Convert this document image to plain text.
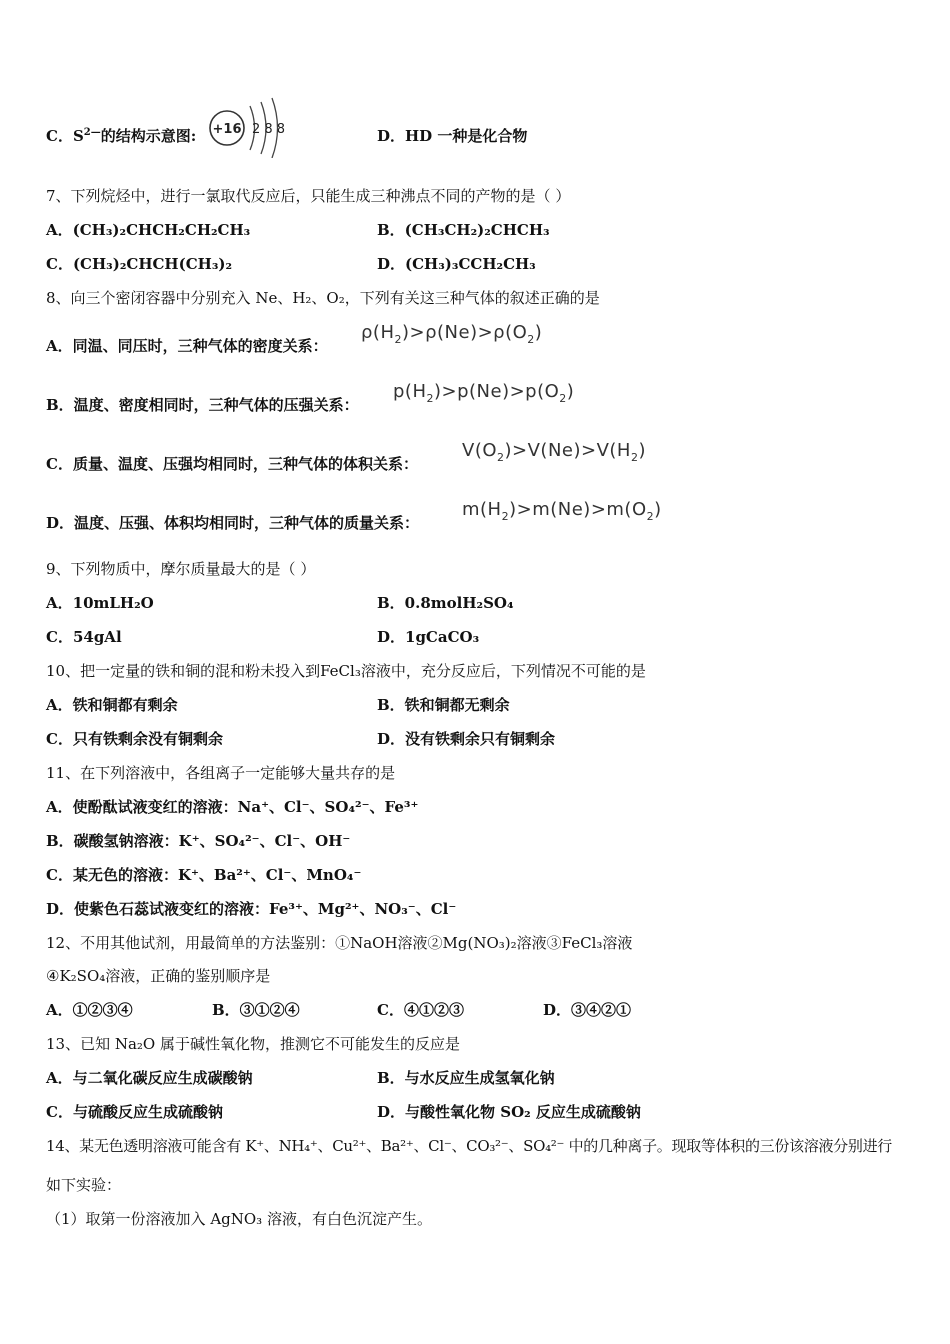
C．$S^{2—}$的结构示意图: +16 2 8 8	D．HD 一种是化合物
7、下列烷烃中，进行一氯取代反应后，只能生成三种沸点不同的产物的是（ ）
A．(CH₃)₂CHCH₂CH₂CH₃	B．(CH₃CH₂)₂CHCH₃
C．(CH₃)₂CHCH(CH₃)₂	D．(CH₃)₃CCH₂CH₃
8、向三个密闭容器中分别充入 Ne、H₂、O₂，下列有关这三种气体的叙述正确的是
A．同温、同压时，三种气体的密度关系：
$\rho(H_2)>\rho(Ne)>\rho(O_2)$
B．温度、密度相同时，三种气体的压强关系：
$p(H_2)>p(Ne)>p(O_2)$
C．质量、温度、压强均相同时，三种气体的体积关系：
$V(O_2)>V(Ne)>V(H_2)$
D．温度、压强、体积均相同时，三种气体的质量关系：
$m(H_2)>m(Ne)>m(O_2)$
9、下列物质中，摩尔质量最大的是（ ）
A．10mLH₂O	B．0.8molH₂SO₄
C．54gAl	D．1gCaCO₃
10、把一定量的铁和铜的混和粉未投入到FeCl₃溶液中，充分反应后，下列情况不可能的是
A．铁和铜都有剩余	B．铁和铜都无剩余
C．只有铁剩余没有铜剩余	D．没有铁剩余只有铜剩余
11、在下列溶液中，各组离子一定能够大量共存的是
A．使酚酞试液变红的溶液：Na⁺、Cl⁻、SO₄²⁻、Fe³⁺
B．碳酸氢钠溶液：K⁺、SO₄²⁻、Cl⁻、OH⁻
C．某无色的溶液：K⁺、Ba²⁺、Cl⁻、MnO₄⁻
D．使紫色石蕊试液变红的溶液：Fe³⁺、Mg²⁺、NO₃⁻、Cl⁻
12、不用其他试剂，用最简单的方法鉴别：①NaOH溶液②Mg(NO₃)₂溶液③FeCl₃溶液
④K₂SO₄溶液，正确的鉴别顺序是
A．①②③④	B．③①②④	C．④①②③	D．③④②①
13、已知 Na₂O 属于碱性氧化物，推测它不可能发生的反应是
A．与二氧化碳反应生成碳酸钠	B．与水反应生成氢氧化钠
C．与硫酸反应生成硫酸钠	D．与酸性氧化物 SO₂ 反应生成硫酸钠
14、某无色透明溶液可能含有 K⁺、NH₄⁺、Cu²⁺、Ba²⁺、Cl⁻、CO₃²⁻、SO₄²⁻ 中的几种离子。现取等体积的三份该溶液分别进行
如下实验：
（1）取第一份溶液加入 AgNO₃ 溶液，有白色沉淀产生。
